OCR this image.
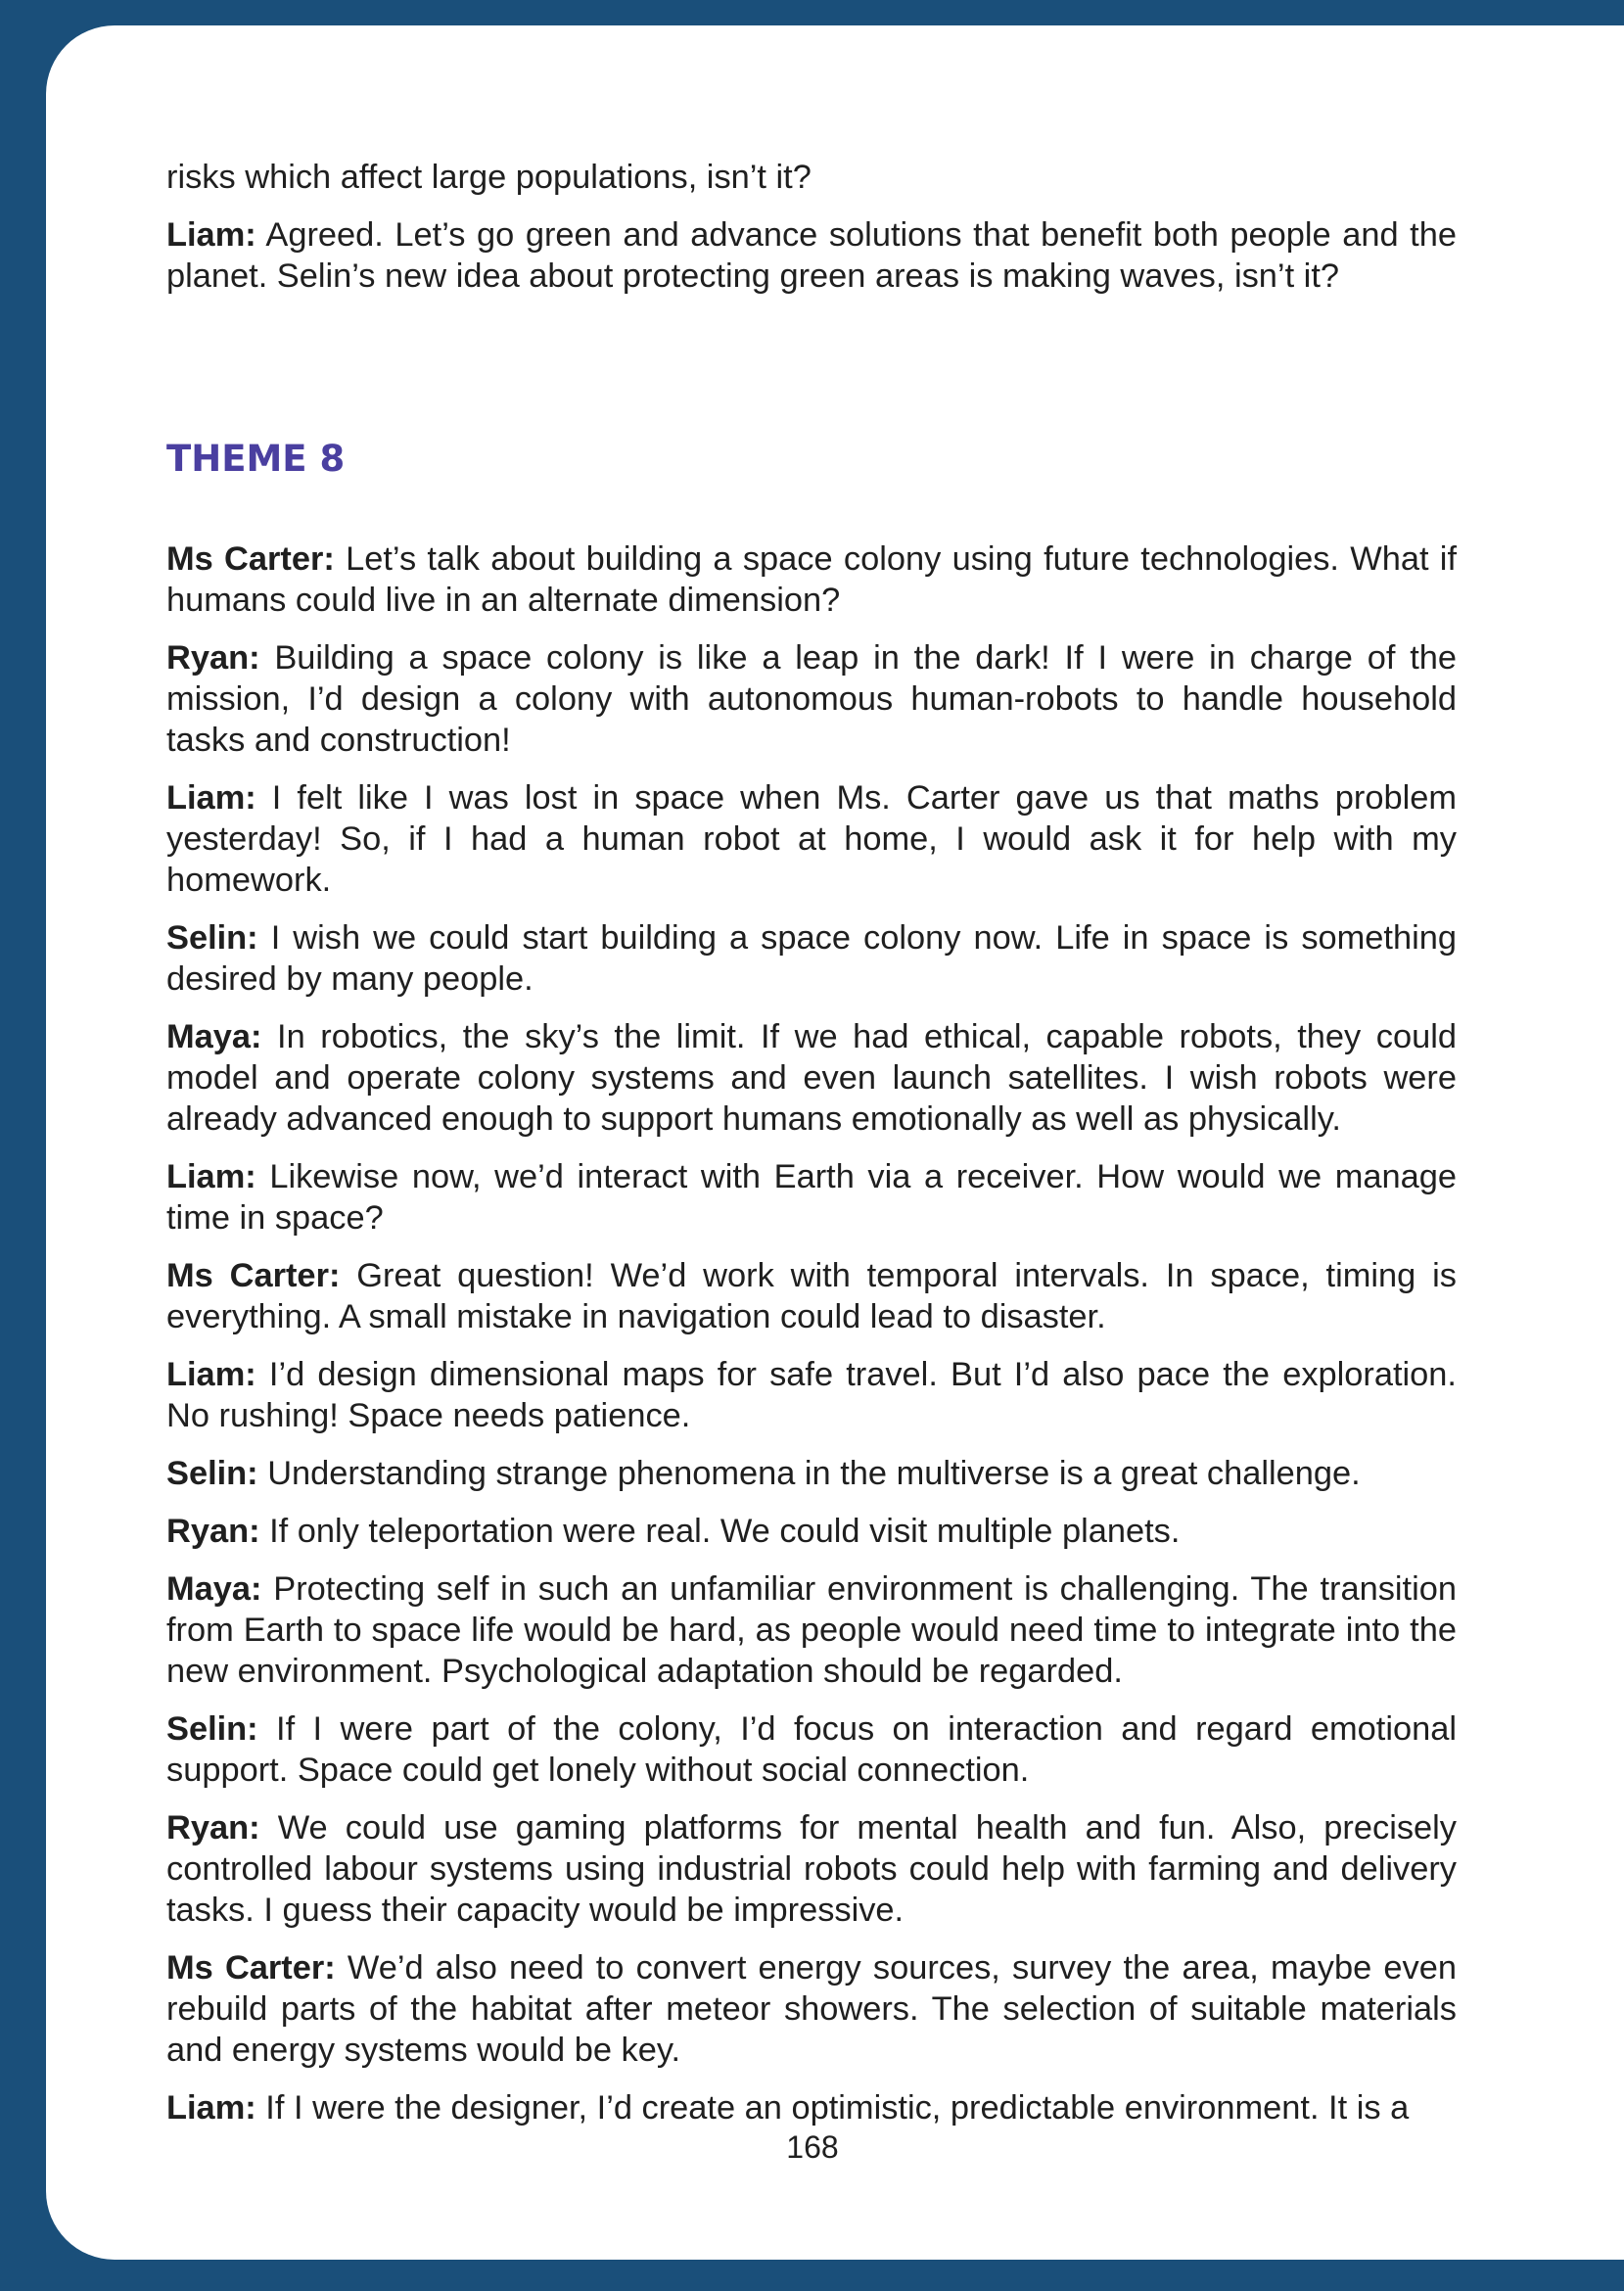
risks which affect large populations, isn’t it?

Liam: Agreed. Let’s go green and advance solutions that benefit both people and the planet. Selin’s new idea about protecting green areas is making waves, isn’t it?

THEME 8

Ms Carter: Let’s talk about building a space colony using future technologies. What if humans could live in an alternate dimension?

Ryan: Building a space colony is like a leap in the dark! If I were in charge of the mission, I’d design a colony with autonomous human-robots to handle household tasks and construction!

Liam: I felt like I was lost in space when Ms. Carter gave us that maths problem yesterday! So, if I had a human robot at home, I would ask it for help with my homework.

Selin: I wish we could start building a space colony now. Life in space is something desired by many people.

Maya: In robotics, the sky’s the limit. If we had ethical, capable robots, they could model and operate colony systems and even launch satellites. I wish robots were already advanced enough to support humans emotionally as well as physically.

Liam: Likewise now, we’d interact with Earth via a receiver. How would we manage time in space?

Ms Carter: Great question! We’d work with temporal intervals. In space, timing is everything. A small mistake in navigation could lead to disaster.

Liam: I’d design dimensional maps for safe travel. But I’d also pace the exploration. No rushing! Space needs patience.

Selin: Understanding strange phenomena in the multiverse is a great challenge.

Ryan: If only teleportation were real. We could visit multiple planets.

Maya: Protecting self in such an unfamiliar environment is challenging. The transition from Earth to space life would be hard, as people would need time to integrate into the new environment. Psychological adaptation should be regarded.

Selin: If I were part of the colony, I’d focus on interaction and regard emotional support. Space could get lonely without social connection.

Ryan: We could use gaming platforms for mental health and fun. Also, precisely controlled labour systems using industrial robots could help with farming and delivery tasks. I guess their capacity would be impressive.

Ms Carter: We’d also need to convert energy sources, survey the area, maybe even rebuild parts of the habitat after meteor showers. The selection of suitable materials and energy systems would be key.

Liam: If I were the designer, I’d create an optimistic, predictable environment. It is a

168
